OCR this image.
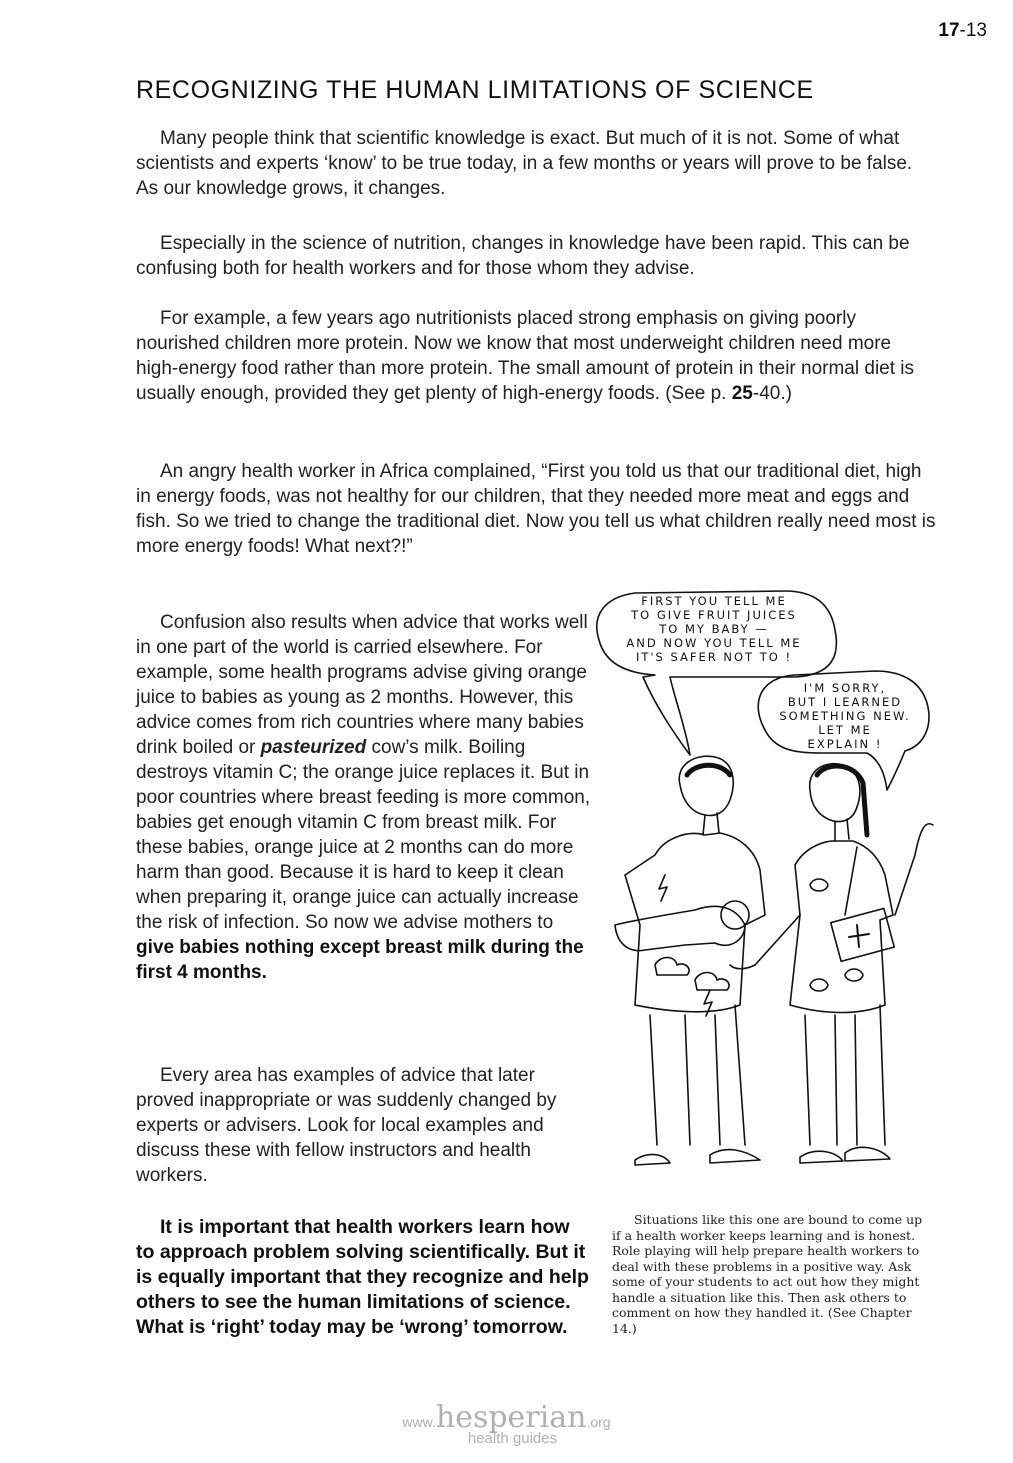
17-13
RECOGNIZING THE HUMAN LIMITATIONS OF SCIENCE

Many people think that scientific knowledge is exact. But much of it is not. Some of what scientists and experts ‘know’ to be true today, in a few months or years will prove to be false. As our knowledge grows, it changes.

Especially in the science of nutrition, changes in knowledge have been rapid. This can be confusing both for health workers and for those whom they advise.

For example, a few years ago nutritionists placed strong emphasis on giving poorly nourished children more protein. Now we know that most underweight children need more high-energy food rather than more protein. The small amount of protein in their normal diet is usually enough, provided they get plenty of high-energy foods. (See p. 25-40.)

An angry health worker in Africa complained, “First you told us that our traditional diet, high in energy foods, was not healthy for our children, that they needed more meat and eggs and fish. So we tried to change the traditional diet. Now you tell us what children really need most is more energy foods! What next?!”

Confusion also results when advice that works well in one part of the world is carried elsewhere. For example, some health programs advise giving orange juice to babies as young as 2 months. However, this advice comes from rich countries where many babies drink boiled or pasteurized cow’s milk. Boiling destroys vitamin C; the orange juice replaces it. But in poor countries where breast feeding is more common, babies get enough vitamin C from breast milk. For these babies, orange juice at 2 months can do more harm than good. Because it is hard to keep it clean when preparing it, orange juice can actually increase the risk of infection. So now we advise mothers to give babies nothing except breast milk during the first 4 months.

Every area has examples of advice that later proved inappropriate or was suddenly changed by experts or advisers. Look for local examples and discuss these with fellow instructors and health workers.

It is important that health workers learn how to approach problem solving scientifically. But it is equally important that they recognize and help others to see the human limitations of science. What is ‘right’ today may be ‘wrong’ tomorrow.

FIRST YOU TELL ME
TO GIVE FRUIT JUICES
TO MY BABY —
AND NOW YOU TELL ME
IT'S SAFER NOT TO !
I'M SORRY,
BUT I LEARNED
SOMETHING NEW.
LET ME
EXPLAIN !

Situations like this one are bound to come up if a health worker keeps learning and is honest. Role playing will help prepare health workers to deal with these problems in a positive way. Ask some of your students to act out how they might handle a situation like this. Then ask others to comment on how they handled it. (See Chapter 14.)

www.hesperian.org
health guides
